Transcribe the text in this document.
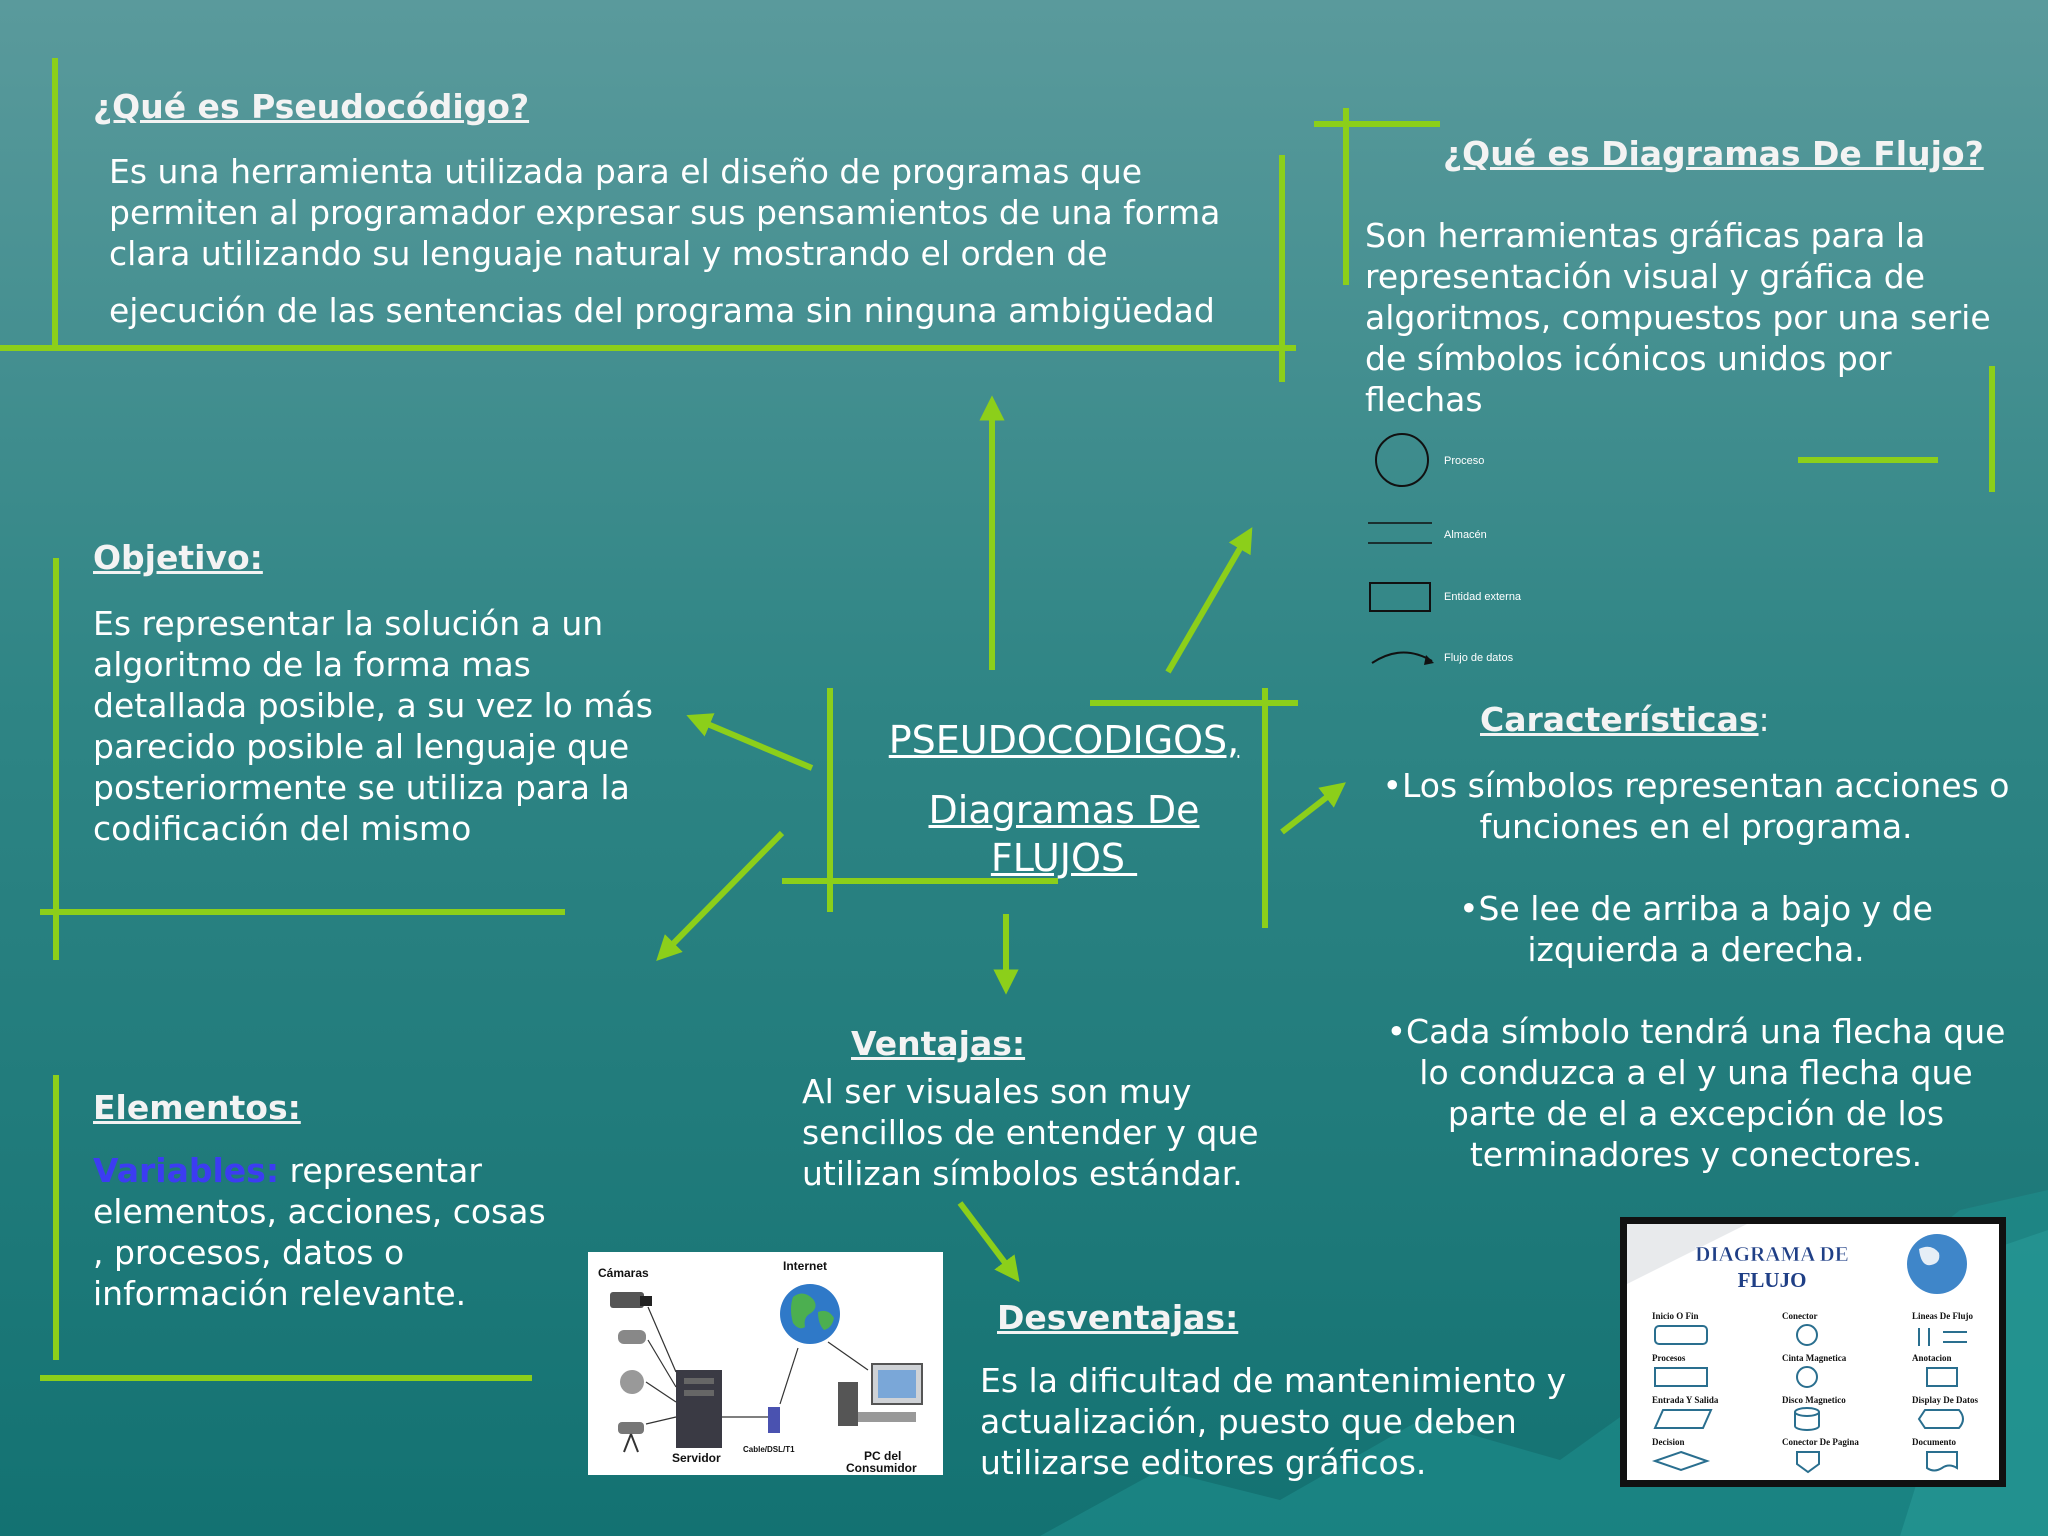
¿Qué es Pseudocódigo?
Es una herramienta utilizada para el diseño de programas que
permiten al programador expresar sus pensamientos de una forma
clara utilizando su lenguaje natural y mostrando el orden de
ejecución de las sentencias del programa sin ninguna ambigüedad
¿Qué es Diagramas De Flujo?
Son herramientas gráficas para la
representación visual y gráfica de
algoritmos, compuestos por una serie
de símbolos icónicos unidos por
flechas
Proceso
Almacén
Entidad externa
Flujo de datos
Objetivo:
Es representar la solución a un
algoritmo de la forma mas
detallada posible, a su vez lo más
parecido posible al lenguaje que
posteriormente se utiliza para la
codificación del mismo
PSEUDOCODIGOS,
Diagramas De
FLUJOS
Características:
•Los símbolos representan acciones o
funciones en el programa.
•Se lee de arriba a bajo y de
izquierda a derecha.
•Cada símbolo tendrá una flecha que
lo conduzca a el y una flecha que
parte de el a excepción de los
terminadores y conectores.
Elementos:
Variables: representar
elementos, acciones, cosas
, procesos, datos o
información relevante.
Ventajas:
Al ser visuales son muy
sencillos de entender y que
utilizan símbolos estándar.
Desventajas:
Es la dificultad de mantenimiento y
actualización, puesto que deben
utilizarse editores gráficos.
Cámaras	Internet
Servidor
Cable/DSL/T1	PC del
Consumidor
DIAGRAMA DE
FLUJO
Inicio O Fin	Conector	Lineas De Flujo
Procesos	Cinta Magnetica	Anotacion
Entrada Y Salida	Disco Magnetico	Display De Datos
Decision	Conector De Pagina	Documento
